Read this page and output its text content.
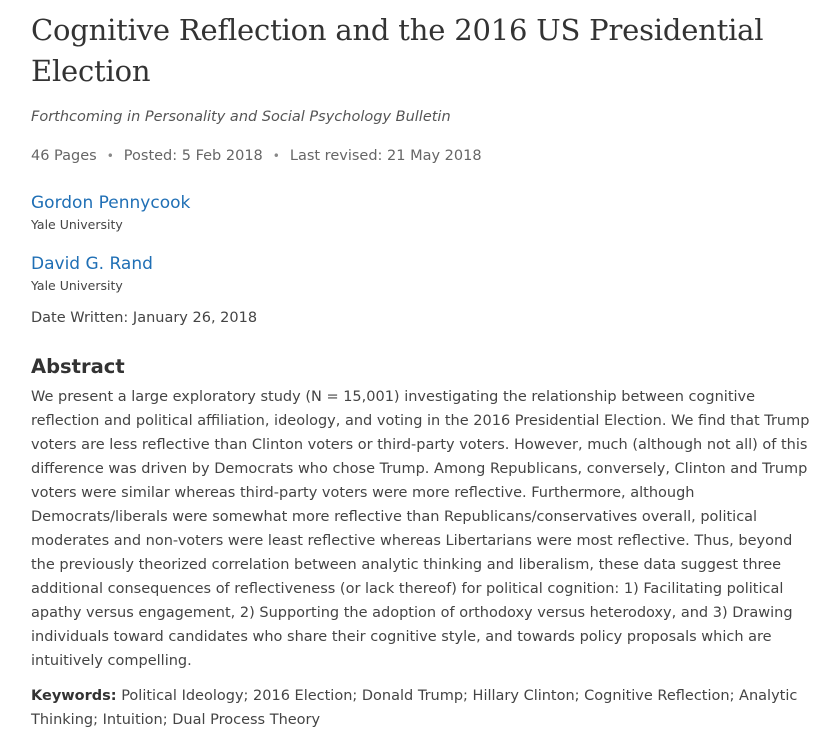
Cognitive Reflection and the 2016 US Presidential Election
Forthcoming in Personality and Social Psychology Bulletin
46 Pages • Posted: 5 Feb 2018 • Last revised: 21 May 2018
Gordon Pennycook
Yale University
David G. Rand
Yale University
Date Written: January 26, 2018
Abstract
We present a large exploratory study (N = 15,001) investigating the relationship between cognitive reflection and political affiliation, ideology, and voting in the 2016 Presidential Election. We find that Trump voters are less reflective than Clinton voters or third-party voters. However, much (although not all) of this difference was driven by Democrats who chose Trump. Among Republicans, conversely, Clinton and Trump voters were similar whereas third-party voters were more reflective. Furthermore, although Democrats/liberals were somewhat more reflective than Republicans/conservatives overall, political moderates and non-voters were least reflective whereas Libertarians were most reflective. Thus, beyond the previously theorized correlation between analytic thinking and liberalism, these data suggest three additional consequences of reflectiveness (or lack thereof) for political cognition: 1) Facilitating political apathy versus engagement, 2) Supporting the adoption of orthodoxy versus heterodoxy, and 3) Drawing individuals toward candidates who share their cognitive style, and towards policy proposals which are intuitively compelling.
Keywords: Political Ideology; 2016 Election; Donald Trump; Hillary Clinton; Cognitive Reflection; Analytic Thinking; Intuition; Dual Process Theory
